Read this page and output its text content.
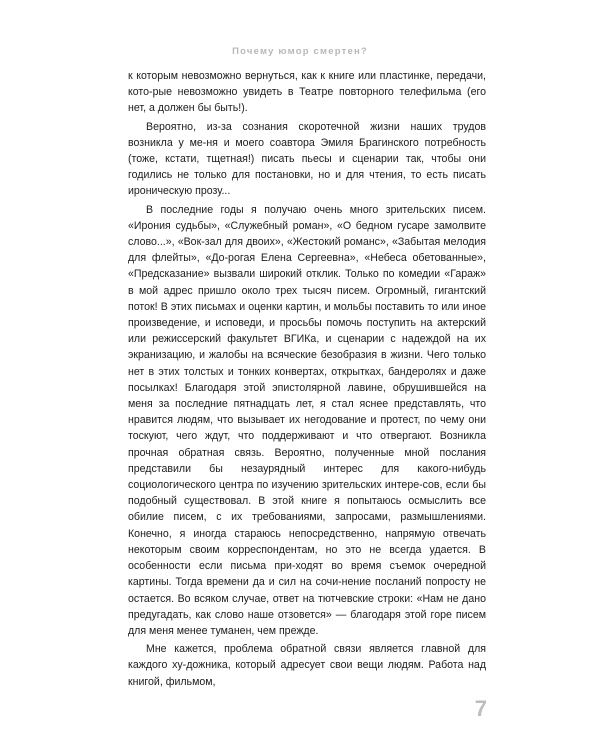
Почему юмор смертен?

к которым невозможно вернуться, как к книге или пластинке, передачи, кото-рые невозможно увидеть в Театре повторного телефильма (его нет, а должен бы быть!).

Вероятно, из-за сознания скоротечной жизни наших трудов возникла у ме-ня и моего соавтора Эмиля Брагинского потребность (тоже, кстати, тщетная!) писать пьесы и сценарии так, чтобы они годились не только для постановки, но и для чтения, то есть писать ироническую прозу...

В последние годы я получаю очень много зрительских писем. «Ирония судьбы», «Служебный роман», «О бедном гусаре замолвите слово...», «Вок-зал для двоих», «Жестокий романс», «Забытая мелодия для флейты», «До-рогая Елена Сергеевна», «Небеса обетованные», «Предсказание» вызвали широкий отклик. Только по комедии «Гараж» в мой адрес пришло около трех тысяч писем. Огромный, гигантский поток! В этих письмах и оценки картин, и мольбы поставить то или иное произведение, и исповеди, и просьбы помочь поступить на актерский или режиссерский факультет ВГИКа, и сценарии с надеждой на их экранизацию, и жалобы на всяческие безобразия в жизни. Чего только нет в этих толстых и тонких конвертах, открытках, бандеролях и даже посылках! Благодаря этой эпистолярной лавине, обрушившейся на меня за последние пятнадцать лет, я стал яснее представлять, что нравится людям, что вызывает их негодование и протест, по чему они тоскуют, чего ждут, что поддерживают и что отвергают. Возникла прочная обратная связь. Вероятно, полученные мной послания представили бы незаурядный интерес для какого-нибудь социологического центра по изучению зрительских интере-сов, если бы подобный существовал. В этой книге я попытаюсь осмыслить все обилие писем, с их требованиями, запросами, размышлениями. Конечно, я иногда стараюсь непосредственно, напрямую отвечать некоторым своим корреспондентам, но это не всегда удается. В особенности если письма при-ходят во время съемок очередной картины. Тогда времени да и сил на сочи-нение посланий попросту не остается. Во всяком случае, ответ на тютчевские строки: «Нам не дано предугадать, как слово наше отзовется» — благодаря этой горе писем для меня менее туманен, чем прежде.

Мне кажется, проблема обратной связи является главной для каждого ху-дожника, который адресует свои вещи людям. Работа над книгой, фильмом,

7
